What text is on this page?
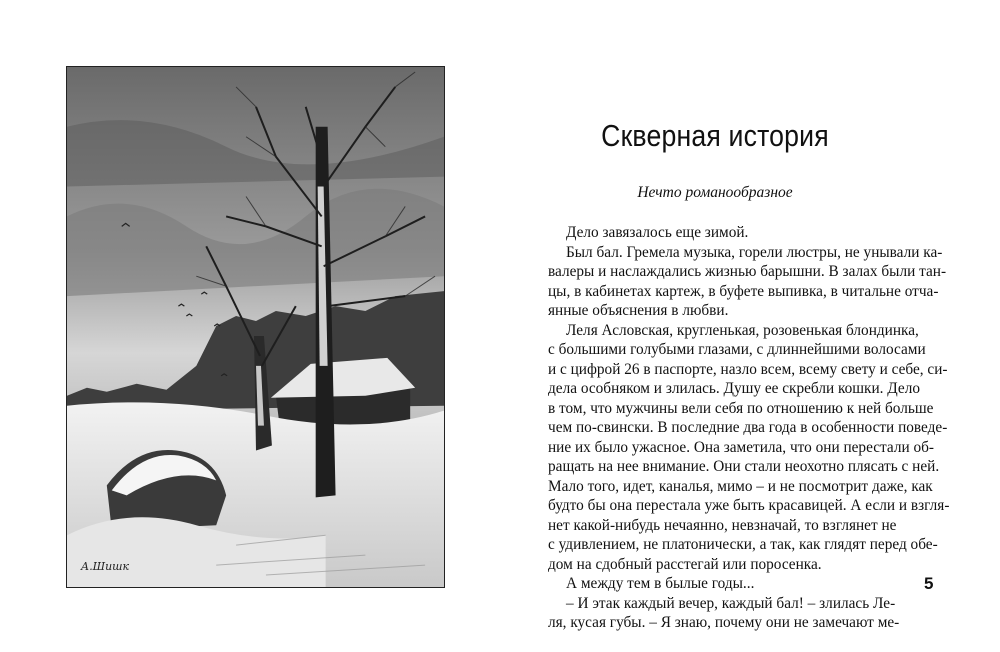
А.Шишк
Скверная история

Нечто романообразное

Дело завязалось еще зимой.
Был бал. Гремела музыка, горели люстры, не унывали ка-
валеры и наслаждались жизнью барышни. В залах были тан-
цы, в кабинетах картеж, в буфете выпивка, в читальне отча-
янные объяснения в любви.
Леля Асловская, кругленькая, розовенькая блондинка,
с большими голубыми глазами, с длиннейшими волосами
и с цифрой 26 в паспорте, назло всем, всему свету и себе, си-
дела особняком и злилась. Душу ее скребли кошки. Дело
в том, что мужчины вели себя по отношению к ней больше
чем по-свински. В последние два года в особенности поведе-
ние их было ужасное. Она заметила, что они перестали об-
ращать на нее внимание. Они стали неохотно плясать с ней.
Мало того, идет, каналья, мимо – и не посмотрит даже, как
будто бы она перестала уже быть красавицей. А если и взгля-
нет какой-нибудь нечаянно, невзначай, то взглянет не
с удивлением, не платонически, а так, как глядят перед обе-
дом на сдобный расстегай или поросенка.
А между тем в былые годы...
– И этак каждый вечер, каждый бал! – злилась Ле-
ля, кусая губы. – Я знаю, почему они не замечают ме-
5
